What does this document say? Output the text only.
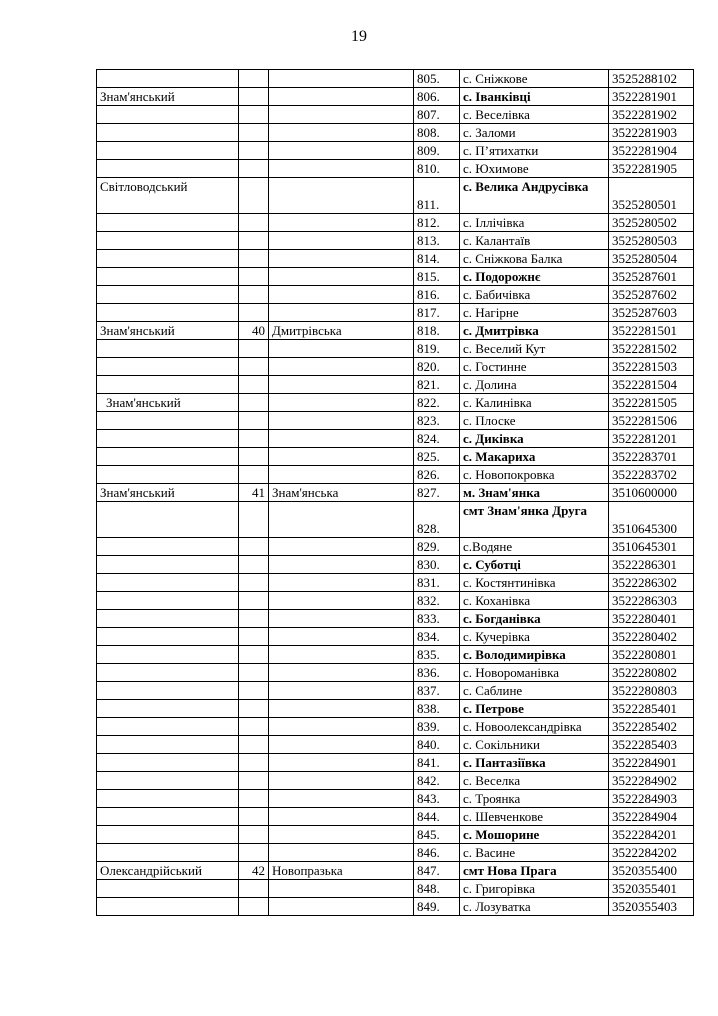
19
			805.	с. Сніжкове	3525288102
Знам'янський			806.	с. Іванківці	3522281901
			807.	с. Веселівка	3522281902
			808.	с. Заломи	3522281903
			809.	с. П’ятихатки	3522281904
			810.	с. Юхимове	3522281905
Світловодський			811.	с. Велика Андрусівка	3525280501
			812.	с. Іллічівка	3525280502
			813.	с. Калантаїв	3525280503
			814.	с. Сніжкова Балка	3525280504
			815.	с. Подорожнє	3525287601
			816.	с. Бабичівка	3525287602
			817.	с. Нагірне	3525287603
Знам'янський	40	Дмитрівська	818.	с. Дмитрівка	3522281501
			819.	с. Веселий Кут	3522281502
			820.	с. Гостинне	3522281503
			821.	с. Долина	3522281504
Знам'янський			822.	с. Калинівка	3522281505
			823.	с. Плоске	3522281506
			824.	с. Диківка	3522281201
			825.	с. Макариха	3522283701
			826.	с. Новопокровка	3522283702
Знам'янський	41	Знам'янська	827.	м. Знам'янка	3510600000
			828.	смт Знам'янка Друга	3510645300
			829.	с.Водяне	3510645301
			830.	с. Суботці	3522286301
			831.	с. Костянтинівка	3522286302
			832.	с. Коханівка	3522286303
			833.	с. Богданівка	3522280401
			834.	с. Кучерівка	3522280402
			835.	с. Володимирівка	3522280801
			836.	с. Новороманівка	3522280802
			837.	с. Саблине	3522280803
			838.	с. Петрове	3522285401
			839.	с. Новоолександрівка	3522285402
			840.	с. Сокільники	3522285403
			841.	с. Пантазіївка	3522284901
			842.	с. Веселка	3522284902
			843.	с. Троянка	3522284903
			844.	с. Шевченкове	3522284904
			845.	с. Мошорине	3522284201
			846.	с. Васине	3522284202
Олександрійський	42	Новопразька	847.	смт Нова Прага	3520355400
			848.	с. Григорівка	3520355401
			849.	с. Лозуватка	3520355403
